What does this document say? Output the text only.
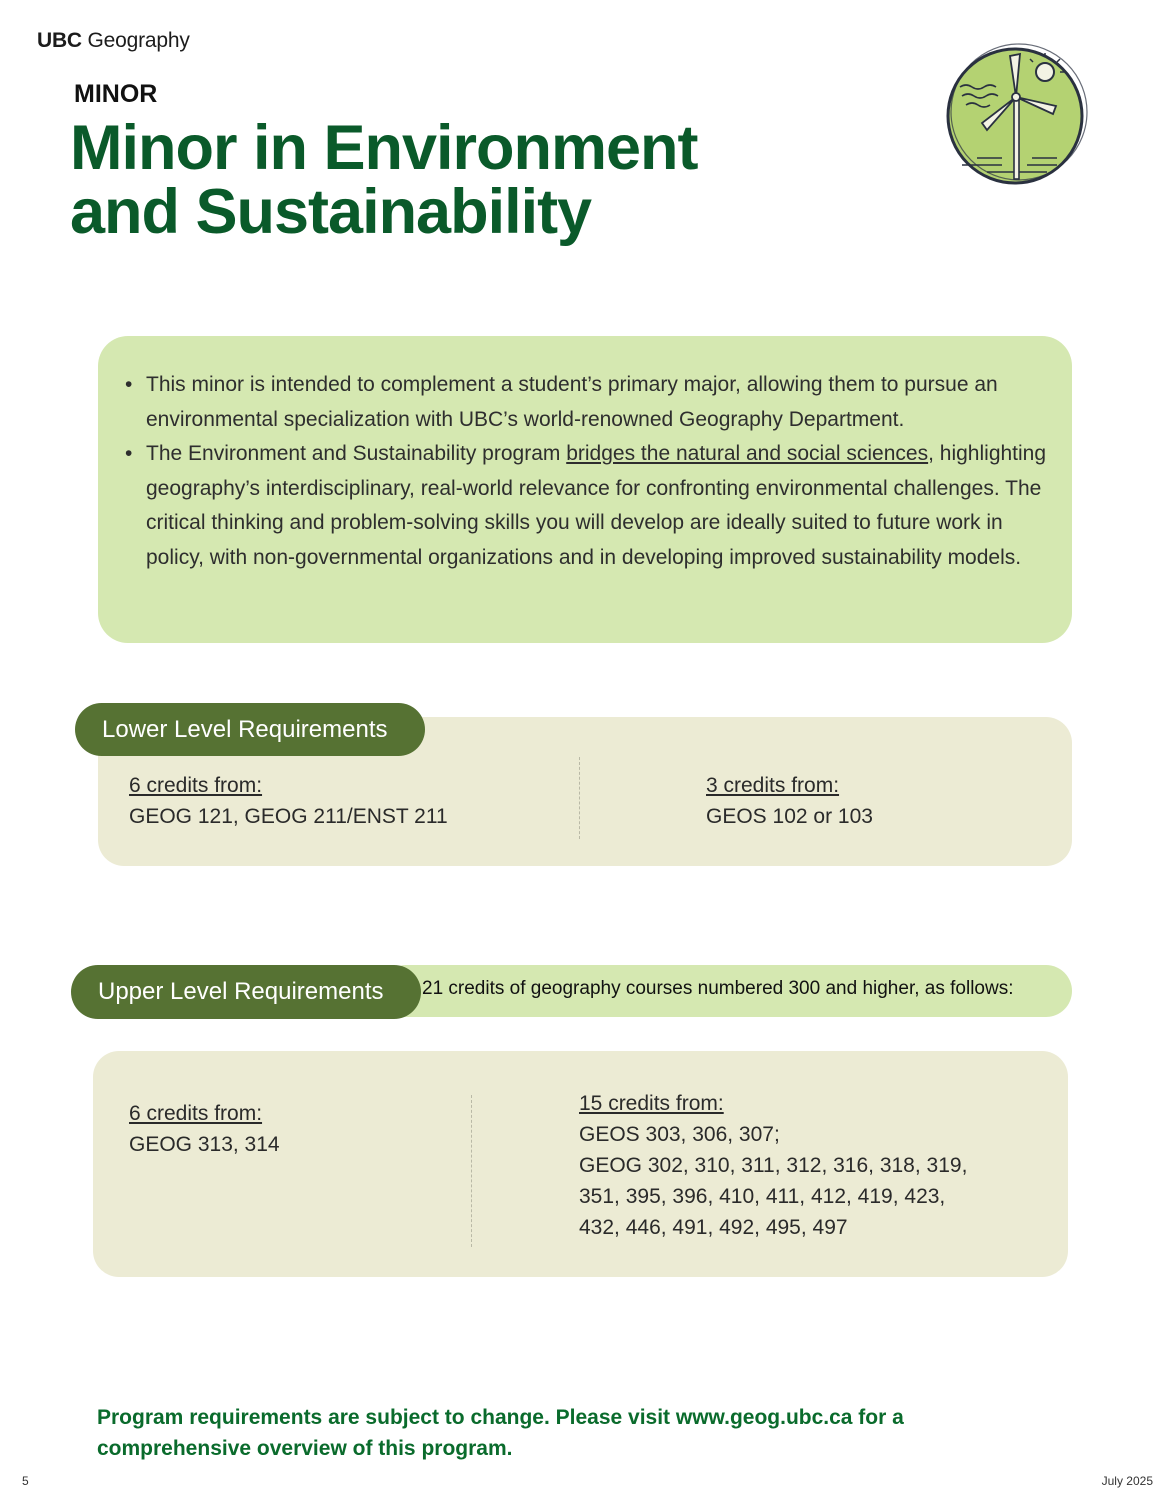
UBC Geography
MINOR
Minor in Environment
and Sustainability
• This minor is intended to complement a student’s primary major, allowing them to pursue an environmental specialization with UBC’s world-renowned Geography Department.
• The Environment and Sustainability program bridges the natural and social sciences, highlighting geography’s interdisciplinary, real-world relevance for confronting environmental challenges. The critical thinking and problem-solving skills you will develop are ideally suited to future work in policy, with non-governmental organizations and in developing improved sustainability models.
Lower Level Requirements
6 credits from:
GEOG 121, GEOG 211/ENST 211
3 credits from:
GEOS 102 or 103
Upper Level Requirements	21 credits of geography courses numbered 300 and higher, as follows:
6 credits from:
GEOG 313, 314
15 credits from:
GEOS 303, 306, 307;
GEOG 302, 310, 311, 312, 316, 318, 319,
351, 395, 396, 410, 411, 412, 419, 423,
432, 446, 491, 492, 495, 497
Program requirements are subject to change. Please visit www.geog.ubc.ca for a comprehensive overview of this program.
5	July 2025
